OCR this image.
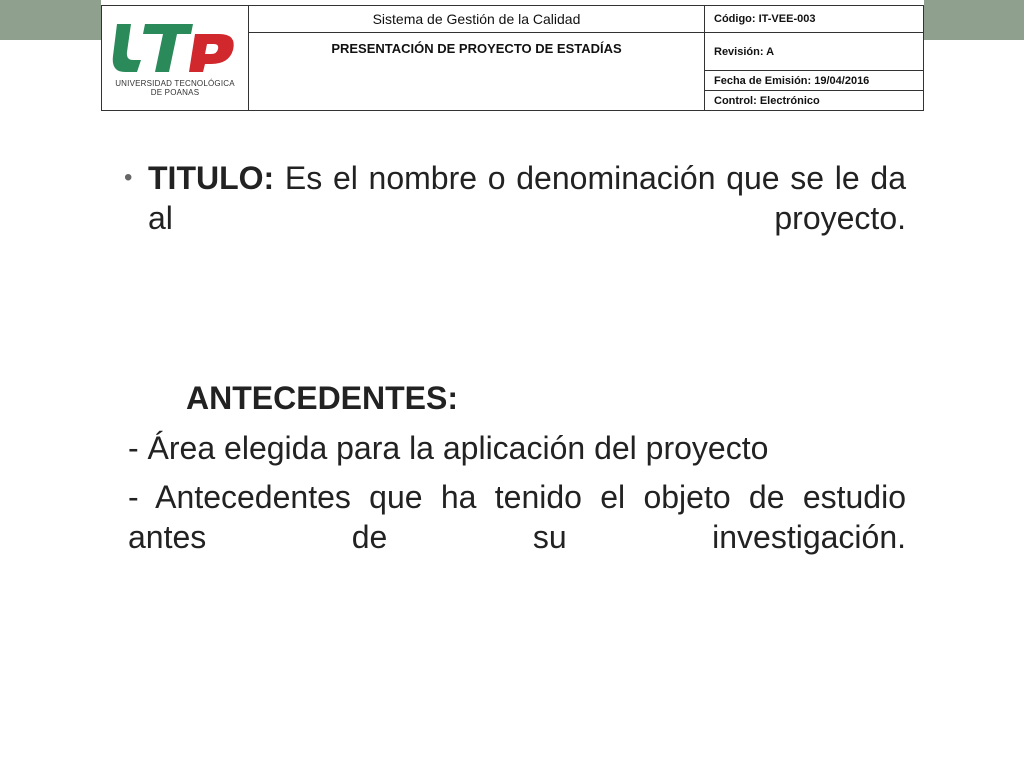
UNIVERSIDAD TECNOLÓGICA
DE POANAS	Sistema de Gestión de la Calidad	Código: IT-VEE-003
	PRESENTACIÓN DE PROYECTO DE ESTADÍAS	Revisión: A
		Fecha de Emisión: 19/04/2016
		Control: Electrónico
• TITULO: Es el nombre o denominación que se le da al proyecto.
ANTECEDENTES:
- Área elegida para la aplicación del proyecto
- Antecedentes que ha tenido el objeto de estudio antes de su investigación.
